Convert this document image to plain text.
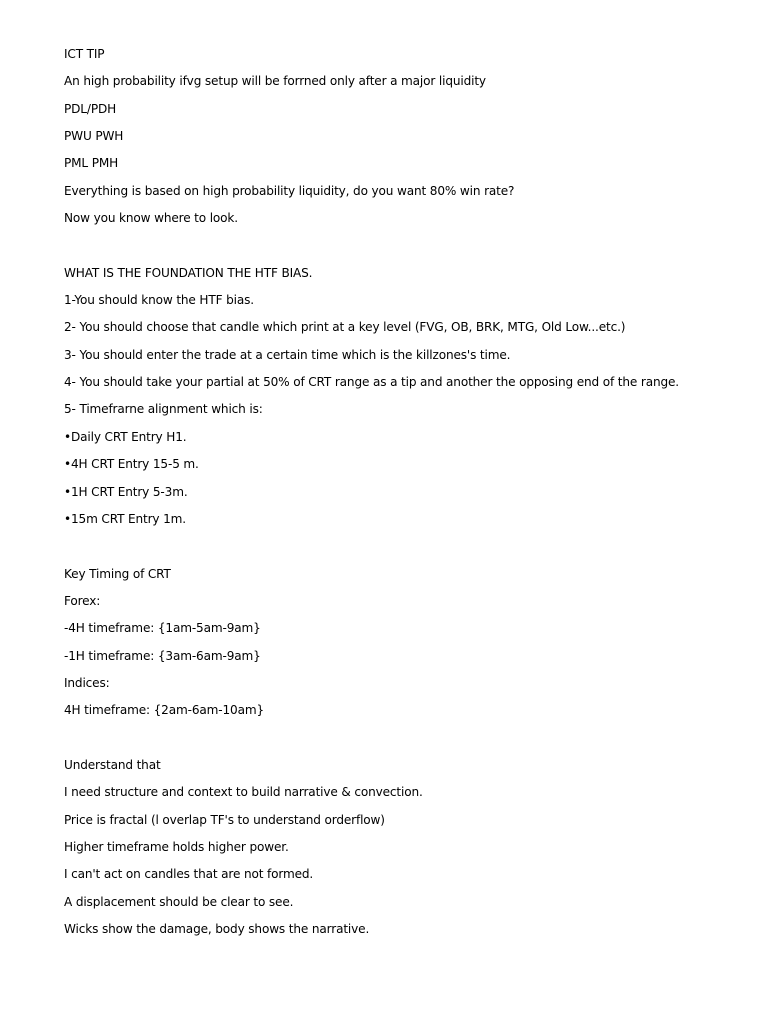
ICT TIP
An high probability ifvg setup will be forrned only after a major liquidity
PDL/PDH
PWU PWH
PML PMH
Everything is based on high probability liquidity, do you want 80% win rate?
Now you know where to look.
WHAT IS THE FOUNDATION THE HTF BIAS.
1-You should know the HTF bias.
2- You should choose that candle which print at a key level (FVG, OB, BRK, MTG, Old Low...etc.)
3- You should enter the trade at a certain time which is the killzones's time.
4- You should take your partial at 50% of CRT range as a tip and another the opposing end of the range.
5- Timefrarne alignment which is:
•Daily CRT Entry H1.
•4H CRT Entry 15-5 m.
•1H CRT Entry 5-3m.
•15m CRT Entry 1m.
Key Timing of CRT
Forex:
-4H timeframe: {1am-5am-9am}
-1H timeframe: {3am-6am-9am}
Indices:
4H timeframe: {2am-6am-10am}
Understand that
I need structure and context to build narrative & convection.
Price is fractal (l overlap TF's to understand orderflow)
Higher timeframe holds higher power.
I can't act on candles that are not formed.
A displacement should be clear to see.
Wicks show the damage, body shows the narrative.
